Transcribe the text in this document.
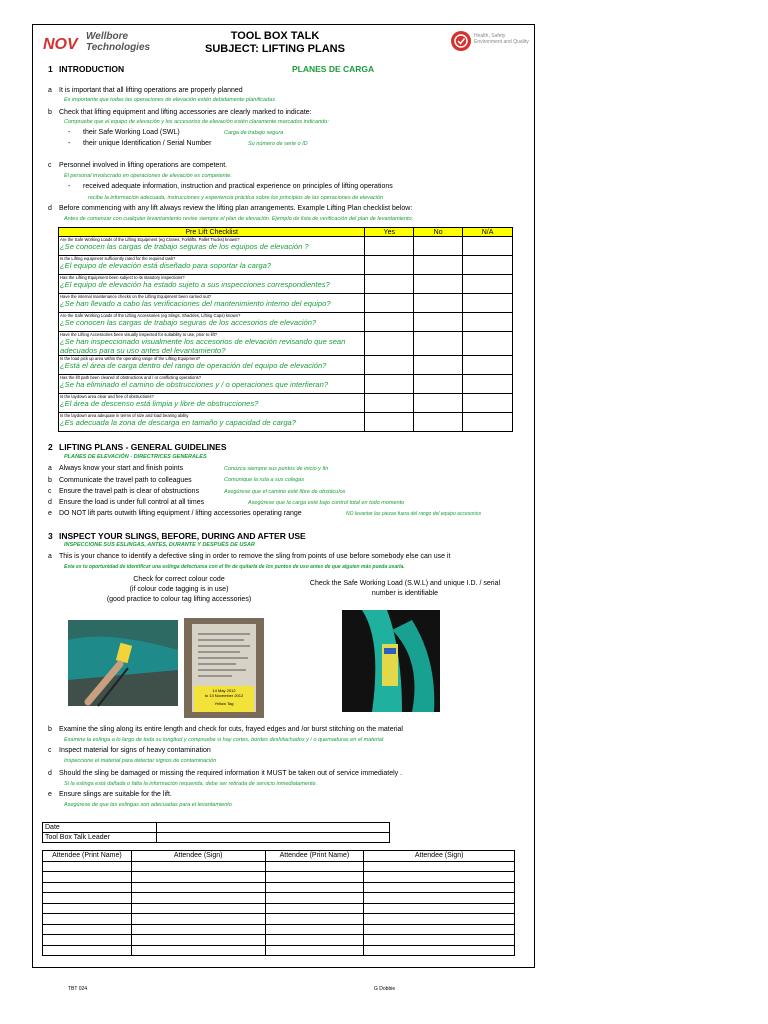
NOV Wellbore
Technologies
TOOL BOX TALK
SUBJECT: LIFTING PLANS
Health, Safety
Environment and Quality
1 INTRODUCTION	PLANES DE CARGA
a It is important that all lifting operations are properly planned
Es importante que todas las operaciones de elevación estén debidamente planificadas
b Check that lifting equipment and lifting accessories are clearly marked to indicate:
Compruebe que el equipo de elevación y los accesorios de elevación estén claramente marcados indicando:
- their Safe Working Load (SWL)	Carga de trabajo segura
- their unique Identification / Serial Number	Su número de serie o ID
c Personnel involved in lifting operations are competent.
El personal involucrado en operaciones de elevación es competente.
- received adequate information, instruction and practical experience on principles of lifting operations
recibe la información adecuada, instrucciones y experiencia práctica sobre los principios de las operaciones de elevación
d Before commencing with any lift always review the lifting plan arrangements. Example Lifting Plan checklist below:
Antes de comenzar con cualquier levantamiento revise siempre el plan de elevación. Ejemplo de lista de verificación del plan de levantamiento:
Pre Lift Checklist	Yes	No	N/A

Are the Safe Working Loads of the Lifting Equipment (eg Cranes, Forklifts, Pallet Trucks) known?
¿Se conocen las cargas de trabajo seguras de los equipos de elevación ?			

Is the Lifting equipment sufficiently rated for the required task?
¿El equipo de elevación está diseñado para soportar la carga?			

Has the Lifting Equipment been subject to its statutory inspections?
¿El equipo de elevación ha estado sujeto a sus inspecciones correspondientes?			

Have the internal maintenance checks on the Lifting Equipment been carried out?
¿Se han llevado a cabo las verificaciones del mantenimiento interno del equipo?			

Are the Safe Working Loads of the Lifting Accessories (eg Slings, Shackles, Lifting Caps) known?
¿Se conocen las cargas de trabajo seguras de los accesorios de elevación?			

Have the Lifting Accessories been visually inspected for suitability to use, prior to lift?
¿Se han inspeccionado visualmente los accesorios de elevación revisando que sean adecuados para su uso antes del levantamiento?			

Is the load pick up area within the operating range of the Lifting Equipment?
¿Está el área de carga dentro del rango de operación del equipo de elevación?			

Has the lift path been cleared of obstructions and / or conflicting operations?
¿Se ha eliminado el camino de obstrucciones y / o operaciones que interfieran?			

Is the laydown area clear and free of obstructions?
¿El área de descenso está limpia y libre de obstrucciones?			

Is the laydown area adequate in terms of size and load bearing ability
¿Es adecuada la zona de descarga en tamaño y capacidad de carga?			

2 LIFTING PLANS - GENERAL GUIDELINES
PLANES DE ELEVACIÓN - DIRECTRICES GENERALES
a Always know your start and finish points	Conozca siempre sus puntos de inicio y fin
b Communicate the travel path to colleagues	Comunique la ruta a sus colegas
c Ensure the travel path is clear of obstructions	Asegúrese que el camino esté libre de obstáculos
d Ensure the load is under full control at all times	Asegúrese que la carga esté bajo control total en todo momento
e DO NOT lift parts outwith lifting equipment / lifting accessories operating range	NO levantar las piezas fuera del rango del equipo accesorios
3 INSPECT YOUR SLINGS, BEFORE, DURING AND AFTER USE
INSPECCIONE SUS ESLINGAS, ANTES, DURANTE Y DESPUÉS DE USAR
a This is your chance to identify a defective sling in order to remove the sling from points of use before somebody else can use it
Esta es tu oportunidad de identificar una eslinga defectuosa con el fin de quitarla de los puntos de uso antes de que alguien más pueda usarla.
Check for correct colour code
(if colour code tagging is in use)
(good practice to colour tag lifting accessories)
Check the Safe Working Load (S.W.L) and unique I.D. / serial
number is identifiable
14 May 2012
to 13 November 2012
Yellow Tag
b Examine the sling along its entire length and check for cuts, frayed edges and /or burst stitching on the material
Examine la eslinga a lo largo de toda su longitud y compruebe si hay cortes, bordes deshilachados y / o quemaduras en el material
c Inspect material for signs of heavy contamination
Inspeccione el material para detectar signos de contaminación
d Should the sling be damaged or missing the required information it MUST be taken out of service immediately .
Si la eslinga está dañada o falta la información requerida, debe ser retirada de servicio inmediatamente.
e Ensure slings are suitable for the lift.
Asegúrese de que las eslingas son adecuadas para el levantamiento
Date	
Tool Box Talk Leader	
Attendee (Print Name)	Attendee (Sign)	Attendee (Print Name)	Attendee (Sign)

TBT 024	G Dobbie
